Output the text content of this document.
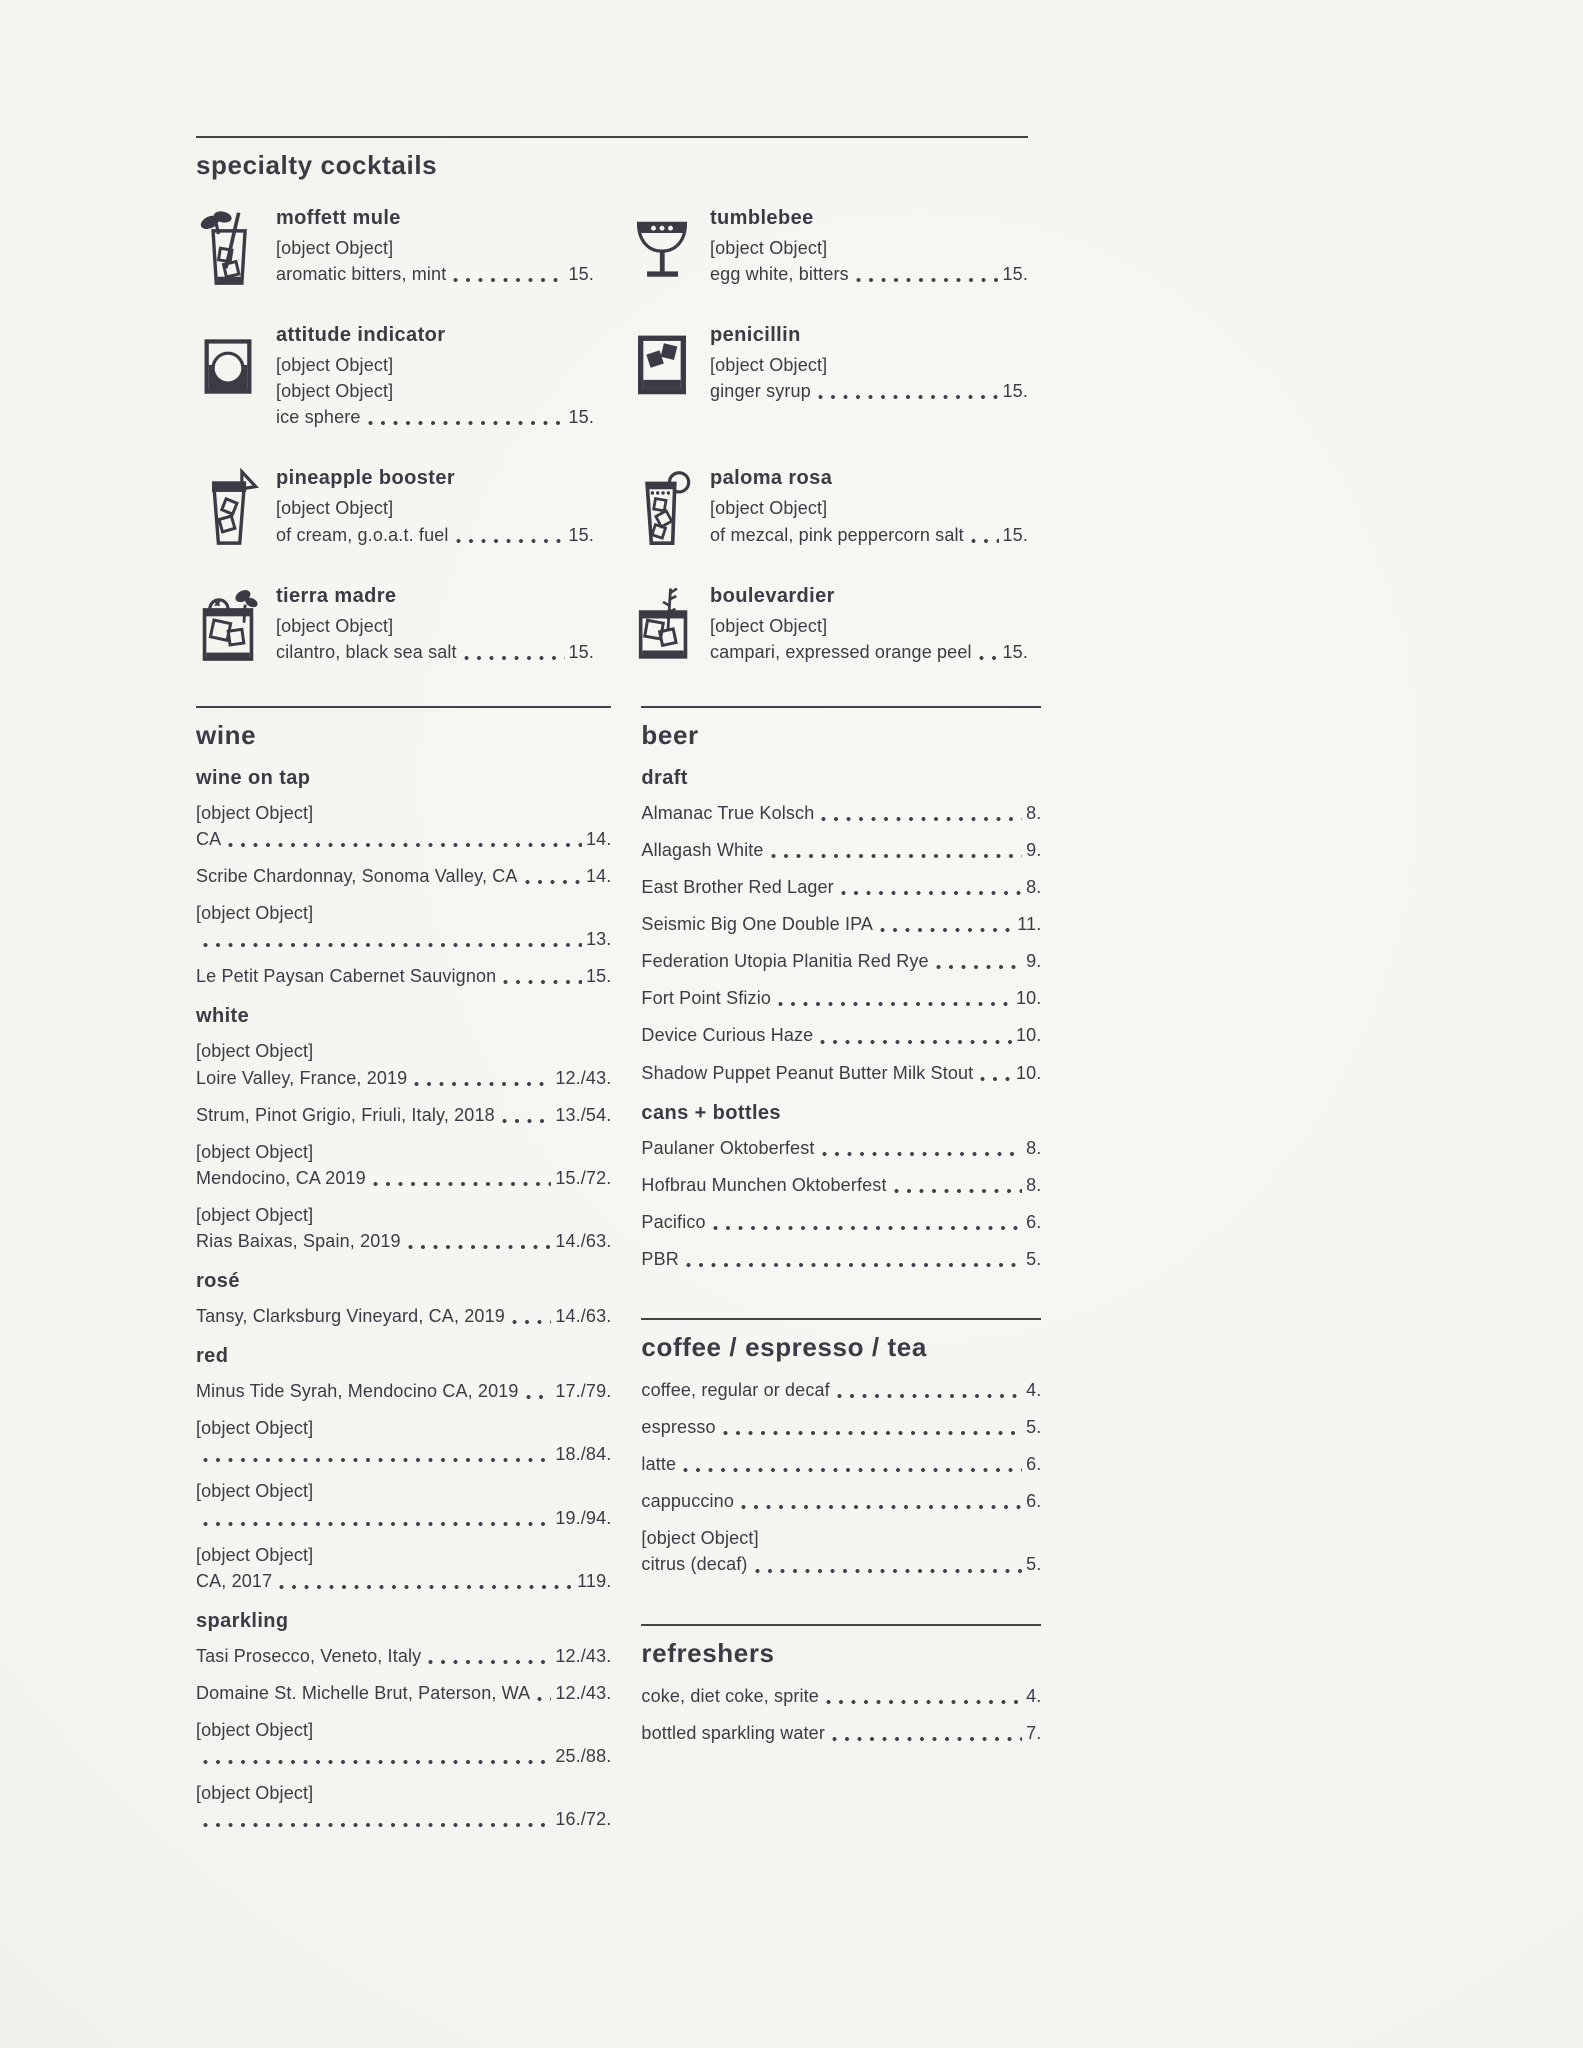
specialty cocktails
moffett mule
[object Object]
aromatic bitters, mint	15.
tumblebee
[object Object]
egg white, bitters	15.
attitude indicator
[object Object]
[object Object]
ice sphere	15.
penicillin
[object Object]
ginger syrup	15.
pineapple booster
[object Object]
of cream, g.o.a.t. fuel	15.
paloma rosa
[object Object]
of mezcal, pink peppercorn salt 15.
tierra madre
[object Object]
cilantro, black sea salt	15.
boulevardier
[object Object]
campari, expressed orange peel 15.
wine
wine on tap
[object Object]
CA	14.
Scribe Chardonnay, Sonoma Valley, CA	14.
[object Object]
13.
Le Petit Paysan Cabernet Sauvignon	15.
white
[object Object]
Loire Valley, France, 2019	12./43.
Strum, Pinot Grigio, Friuli, Italy, 2018	13./54.
[object Object]
Mendocino, CA 2019	15./72.
[object Object]
Rias Baixas, Spain, 2019	14./63.
rosé
Tansy, Clarksburg Vineyard, CA, 2019	14./63.
red
Minus Tide Syrah, Mendocino CA, 2019 17./79.
[object Object]
18./84.
[object Object]
19./94.
[object Object]
CA, 2017	119.
sparkling
Tasi Prosecco, Veneto, Italy	12./43.
Domaine St. Michelle Brut, Paterson, WA 12./43.
[object Object]
25./88.
[object Object]
16./72.
beer
draft
Almanac True Kolsch	8.
Allagash White	9.
East Brother Red Lager	8.
Seismic Big One Double IPA	11.
Federation Utopia Planitia Red Rye	9.
Fort Point Sfizio	10.
Device Curious Haze	10.
Shadow Puppet Peanut Butter Milk Stout 10.
cans + bottles
Paulaner Oktoberfest	8.
Hofbrau Munchen Oktoberfest	8.
Pacifico	6.
PBR	5.
coffee / espresso / tea
coffee, regular or decaf	4.
espresso	5.
latte	6.
cappuccino	6.
[object Object]
citrus (decaf)	5.
refreshers
coke, diet coke, sprite	4.
bottled sparkling water	7.
